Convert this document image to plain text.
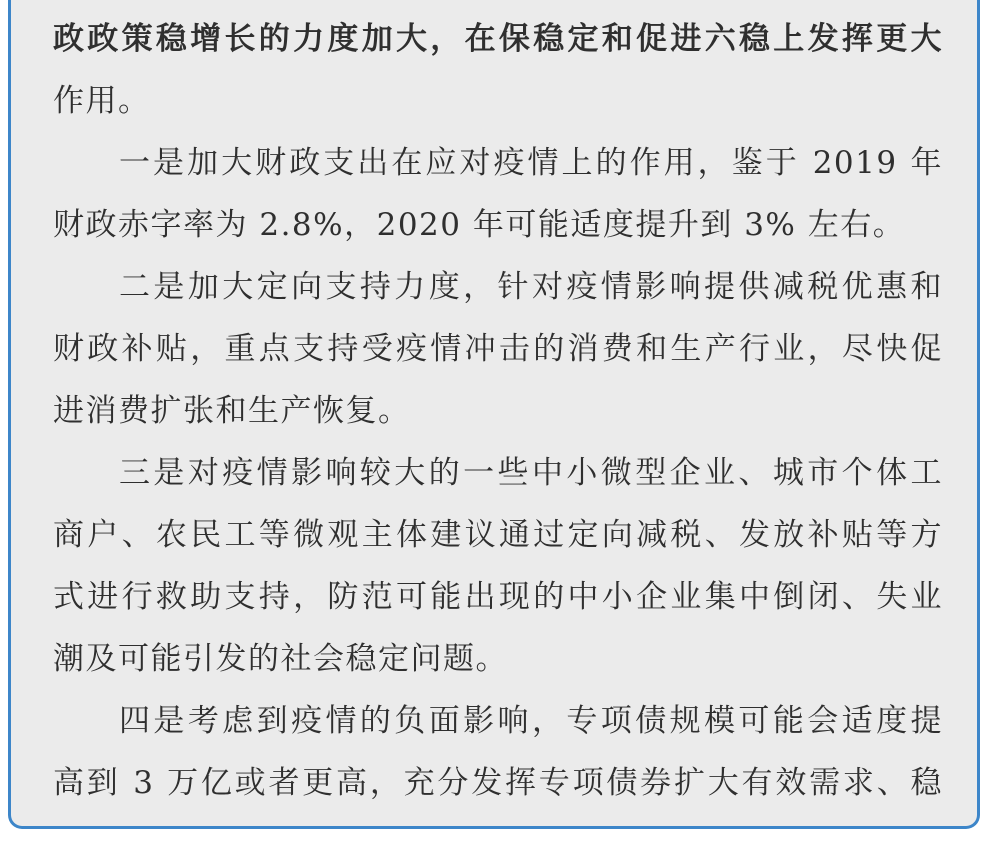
政政策稳增长的力度加大，在保稳定和促进六稳上发挥更大
作用。
一是加大财政支出在应对疫情上的作用，鉴于 2019 年
财政赤字率为 2.8%，2020 年可能适度提升到 3% 左右。
二是加大定向支持力度，针对疫情影响提供减税优惠和
财政补贴，重点支持受疫情冲击的消费和生产行业，尽快促
进消费扩张和生产恢复。
三是对疫情影响较大的一些中小微型企业、城市个体工
商户、农民工等微观主体建议通过定向减税、发放补贴等方
式进行救助支持，防范可能出现的中小企业集中倒闭、失业
潮及可能引发的社会稳定问题。
四是考虑到疫情的负面影响，专项债规模可能会适度提
高到 3 万亿或者更高，充分发挥专项债券扩大有效需求、稳
